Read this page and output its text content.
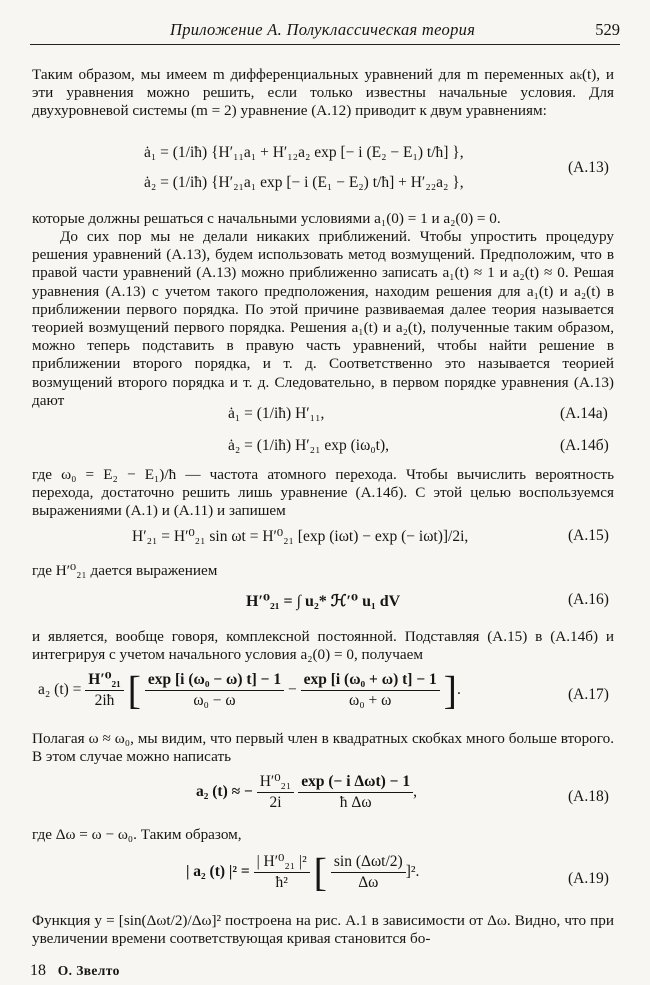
Приложение А. Полуклассическая теория	529

Таким образом, мы имеем m дифференциальных уравнений для m переменных aₖ(t), и эти уравнения можно решить, если только известны начальные условия. Для двухуровневой системы (m = 2) уравнение (A.12) приводит к двум уравнениям:

ȧ₁ = (1/iħ) {H′₁₁a₁ + H′₁₂a₂ exp [− i (E₂ − E₁) t/ħ] },
ȧ₂ = (1/iħ) {H′₂₁a₁ exp [− i (E₁ − E₂) t/ħ] + H′₂₂a₂ },
(A.13)

которые должны решаться с начальными условиями a₁(0) = 1 и a₂(0) = 0.

До сих пор мы не делали никаких приближений. Чтобы упростить процедуру решения уравнений (A.13), будем использовать метод возмущений. Предположим, что в правой части уравнений (A.13) можно приближенно записать a₁(t) ≈ 1 и a₂(t) ≈ 0. Решая уравнения (A.13) с учетом такого предположения, находим решения для a₁(t) и a₂(t) в приближении первого порядка. По этой причине развиваемая далее теория называется теорией возмущений первого порядка. Решения a₁(t) и a₂(t), полученные таким образом, можно теперь подставить в правую часть уравнений, чтобы найти решение в приближении второго порядка, и т. д. Соответственно это называется теорией возмущений второго порядка и т. д. Следовательно, в первом порядке уравнения (A.13) дают

ȧ₁ = (1/iħ) H′₁₁,	(A.14a)
ȧ₂ = (1/iħ) H′₂₁ exp (iω₀t),	(A.14б)

где ω₀ = E₂ − E₁)/ħ — частота атомного перехода. Чтобы вычислить вероятность перехода, достаточно решить лишь уравнение (A.14б). С этой целью воспользуемся выражениями (A.1) и (A.11) и запишем

H′₂₁ = H′⁰₂₁ sin ωt = H′⁰₂₁ [exp (iωt) − exp (− iωt)]/2i,	(A.15)

где H′⁰₂₁ дается выражением

H′⁰₂₁ = ∫ u₂* ℋ′⁰ u₁ dV	(A.16)

и является, вообще говоря, комплексной постоянной. Подставляя (A.15) в (A.14б) и интегрируя с учетом начального условия a₂(0) = 0, получаем

a₂ $(t) = \frac{\text{H′⁰₂₁}}{2iħ}$ [ $\frac{\text{exp [i (ω₀ − ω) t] − 1}}{\text{ω₀ − ω}} - \frac{\text{exp [i (ω₀ + ω) t] − 1}}{\text{ω₀ + ω}}$ ].	(A.17)

Полагая ω ≈ ω₀, мы видим, что первый член в квадратных скобках много больше второго. В этом случае можно написать

a₂ (t) ≈ − $\frac{\text{H′⁰₂₁}}{2i}$
$\frac{\text{exp (− i Δωt) − 1}}{\text{ħ Δω}}$ ,	(A.18)

где Δω = ω − ω₀. Таким образом,

| a₂ (t) $|^2 = \frac{\text{| H′⁰₂₁ |²}}{\text{ħ²}}$ [ $\frac{\text{sin (Δωt/2)}}{\Delta\omega} ]^2$.	(A.19)

Функция y = [sin(Δωt/2)/Δω]² построена на рис. A.1 в зависимости от Δω. Видно, что при увеличении времени соответствующая кривая становится бо-

18 О. Звелто
